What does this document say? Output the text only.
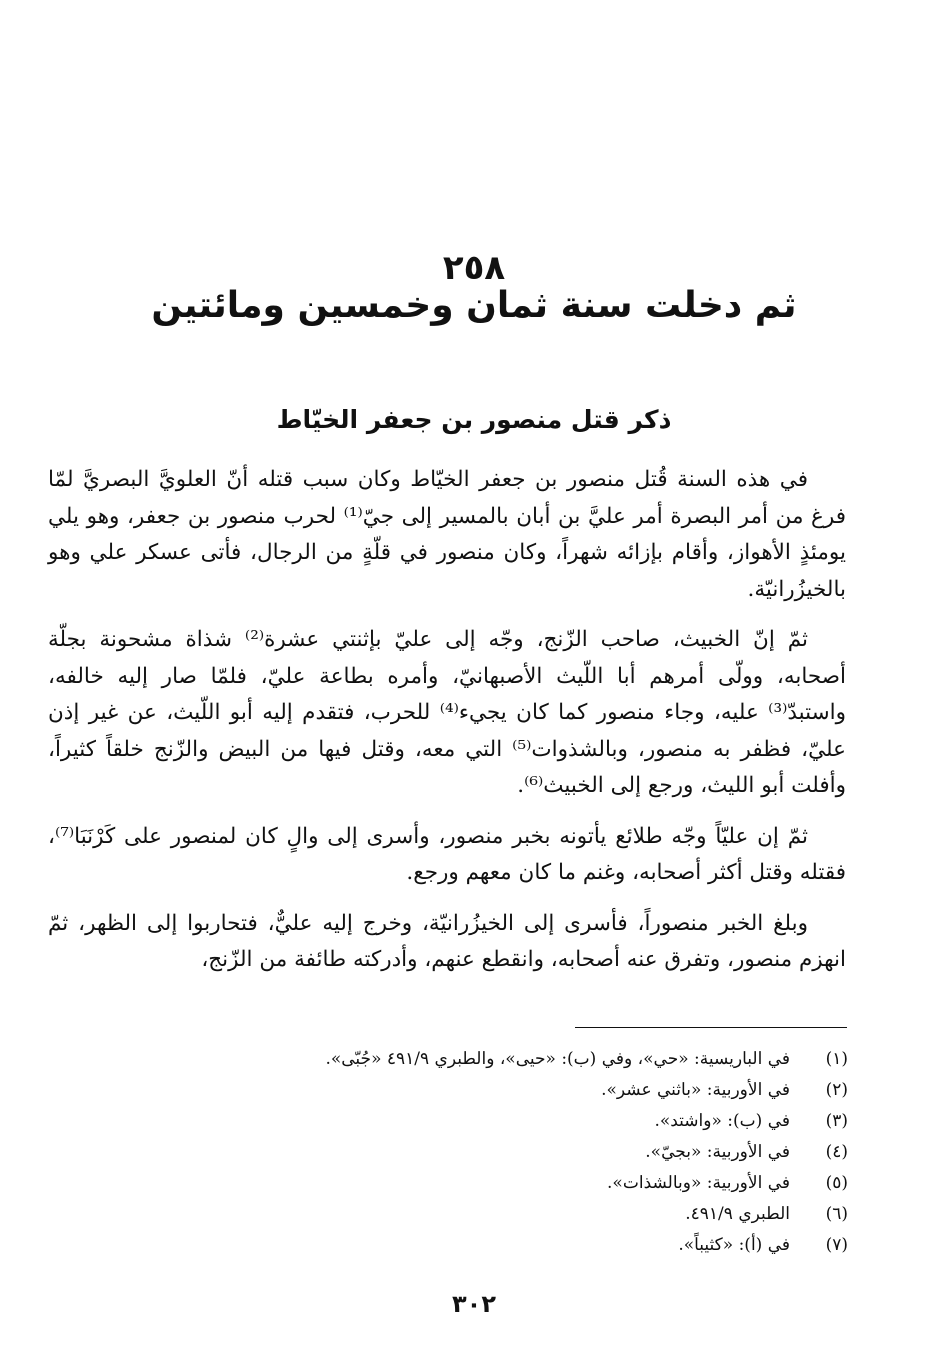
٢٥٨
ثم دخلت سنة ثمان وخمسين ومائتين
ذكر قتل منصور بن جعفر الخيّاط

في هذه السنة قُتل منصور بن جعفر الخيّاط وكان سبب قتله أنّ العلويَّ البصريَّ لمّا فرغ من أمر البصرة أمر عليَّ بن أبان بالمسير إلى جيّ⁽¹⁾ لحرب منصور بن جعفر، وهو يلي يومئذٍ الأهواز، وأقام بإزائه شهراً، وكان منصور في قلّةٍ من الرجال، فأتى عسكر علي وهو بالخيزُرانيّة.

ثمّ إنّ الخبيث، صاحب الزّنج، وجّه إلى عليّ بإثنتي عشرة⁽²⁾ شذاة مشحونة بجلّة أصحابه، وولّى أمرهم أبا اللّيث الأصبهانيّ، وأمره بطاعة عليّ، فلمّا صار إليه خالفه، واستبدّ⁽³⁾ عليه، وجاء منصور كما كان يجيء⁽⁴⁾ للحرب، فتقدم إليه أبو اللّيث، عن غير إذن عليّ، فظفر به منصور، وبالشذوات⁽⁵⁾ التي معه، وقتل فيها من البيض والزّنج خلقاً كثيراً، وأفلت أبو الليث، ورجع إلى الخبيث⁽⁶⁾.

ثمّ إن عليّاً وجّه طلائع يأتونه بخبر منصور، وأسرى إلى والٍ كان لمنصور على كَرْنَبَا⁽⁷⁾، فقتله وقتل أكثر أصحابه، وغنم ما كان معهم ورجع.

وبلغ الخبر منصوراً، فأسرى إلى الخيزُرانيّة، وخرج إليه عليٌّ، فتحاربوا إلى الظهر، ثمّ انهزم منصور، وتفرق عنه أصحابه، وانقطع عنهم، وأدركته طائفة من الزّنج،

(١)
في الباريسية: «حي»، وفي (ب): «حيى»، والطبري ٤٩١/٩ «جُبّى».
(٢)
في الأوربية: «باثني عشر».
(٣)
في (ب): «واشتد».
(٤)
في الأوربية: «بجيّ».
(٥)
في الأوربية: «وبالشذات».
(٦)
الطبري ٤٩١/٩.
(٧)
في (أ): «كثيباً».
٣٠٢
